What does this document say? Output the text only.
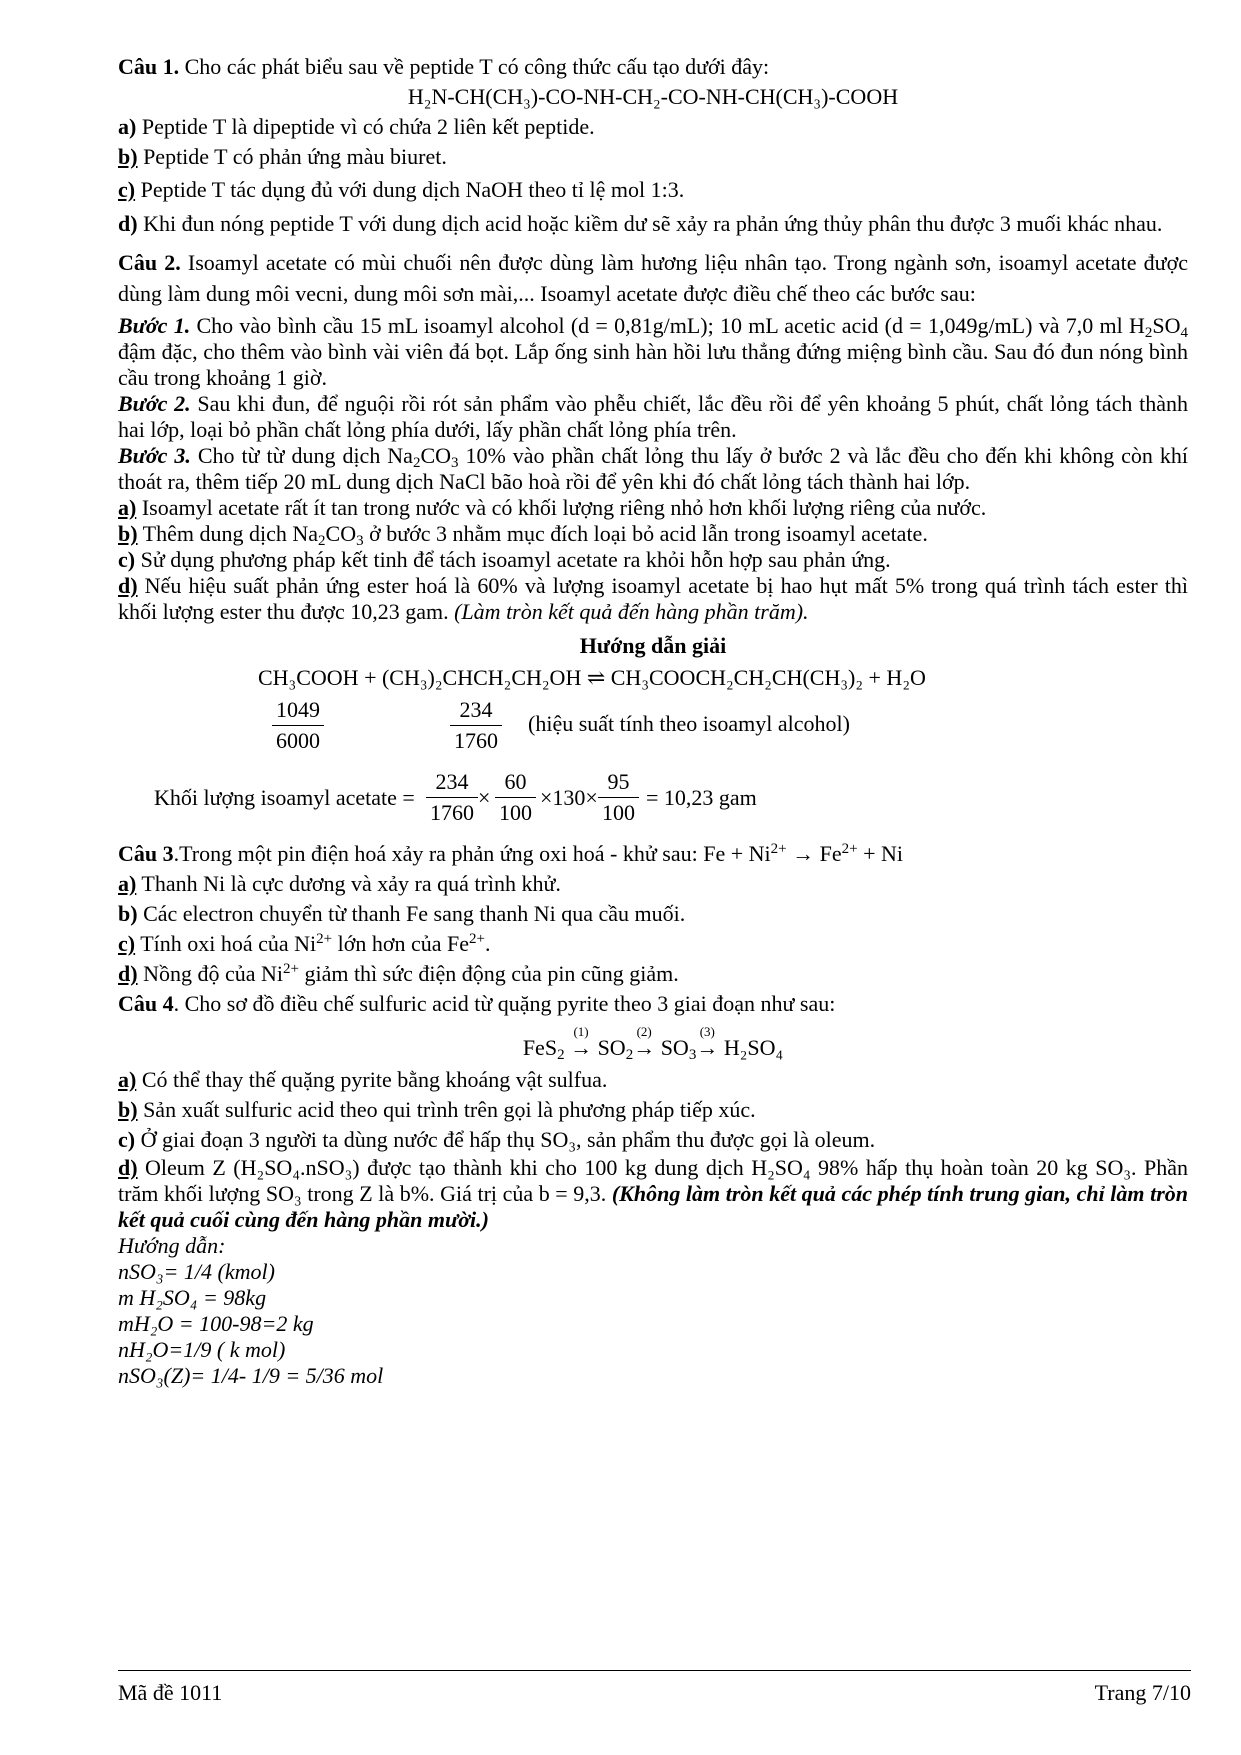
Câu 1. Cho các phát biểu sau về peptide T có công thức cấu tạo dưới đây:

H₂N-CH(CH₃)-CO-NH-CH₂-CO-NH-CH(CH₃)-COOH

a) Peptide T là dipeptide vì có chứa 2 liên kết peptide.

b) Peptide T có phản ứng màu biuret.

c) Peptide T tác dụng đủ với dung dịch NaOH theo tỉ lệ mol 1:3.

d) Khi đun nóng peptide T với dung dịch acid hoặc kiềm dư sẽ xảy ra phản ứng thủy phân thu được 3 muối khác nhau.

Câu 2. Isoamyl acetate có mùi chuối nên được dùng làm hương liệu nhân tạo. Trong ngành sơn, isoamyl acetate được dùng làm dung môi vecni, dung môi sơn mài,... Isoamyl acetate được điều chế theo các bước sau:

Bước 1. Cho vào bình cầu 15 mL isoamyl alcohol (d = 0,81g/mL); 10 mL acetic acid (d = 1,049g/mL) và 7,0 ml $H_2SO_4$ đậm đặc, cho thêm vào bình vài viên đá bọt. Lắp ống sinh hàn hồi lưu thẳng đứng miệng bình cầu. Sau đó đun nóng bình cầu trong khoảng 1 giờ.

Bước 2. Sau khi đun, để nguội rồi rót sản phẩm vào phễu chiết, lắc đều rồi để yên khoảng 5 phút, chất lỏng tách thành hai lớp, loại bỏ phần chất lỏng phía dưới, lấy phần chất lỏng phía trên.

Bước 3. Cho từ từ dung dịch $Na_2CO_3$ 10% vào phần chất lỏng thu lấy ở bước 2 và lắc đều cho đến khi không còn khí thoát ra, thêm tiếp 20 mL dung dịch NaCl bão hoà rồi để yên khi đó chất lỏng tách thành hai lớp.

a) Isoamyl acetate rất ít tan trong nước và có khối lượng riêng nhỏ hơn khối lượng riêng của nước.

b) Thêm dung dịch $Na_2CO_3$ ở bước 3 nhằm mục đích loại bỏ acid lẫn trong isoamyl acetate.

c) Sử dụng phương pháp kết tinh để tách isoamyl acetate ra khỏi hỗn hợp sau phản ứng.

d) Nếu hiệu suất phản ứng ester hoá là 60% và lượng isoamyl acetate bị hao hụt mất 5% trong quá trình tách ester thì khối lượng ester thu được 10,23 gam. (Làm tròn kết quả đến hàng phần trăm).

Hướng dẫn giải

CH₃COOH + (CH₃)₂CHCH₂CH₂OH ⇌ CH₃COOCH₂CH₂CH(CH₃)₂ + H₂O

$\frac{1049}{6000}$	$\frac{234}{1760}$ (hiệu suất tính theo isoamyl alcohol)
Khối lượng isoamyl acetate = $\frac{234}{1760} \times \frac{60}{100} \times 130\times \frac{95}{100} = 10,23$ gam

Câu 3.Trong một pin điện hoá xảy ra phản ứng oxi hoá - khử sau: $Fe + Ni^{2+} \to Fe^{2+} + Ni$

a) Thanh Ni là cực dương và xảy ra quá trình khử.

b) Các electron chuyển từ thanh Fe sang thanh Ni qua cầu muối.

c) Tính oxi hoá của $Ni^{2+}$ lớn hơn của $Fe^{2+}$.

d) Nồng độ của $Ni^{2+}$ giảm thì sức điện động của pin cũng giảm.

Câu 4. Cho sơ đồ điều chế sulfuric acid từ quặng pyrite theo 3 giai đoạn như sau:

FeS$_2$
(1)
→ $SO_2$
(2)
→ $SO_3$
(3)
→ H₂SO₄

a) Có thể thay thế quặng pyrite bằng khoáng vật sulfua.

b) Sản xuất sulfuric acid theo qui trình trên gọi là phương pháp tiếp xúc.

c) Ở giai đoạn 3 người ta dùng nước để hấp thụ SO₃, sản phẩm thu được gọi là oleum.

d) Oleum Z (H₂SO₄.nSO₃) được tạo thành khi cho 100 kg dung dịch H₂SO₄ 98% hấp thụ hoàn toàn 20 kg SO₃. Phần trăm khối lượng SO₃ trong Z là b%. Giá trị của b = 9,3. (Không làm tròn kết quả các phép tính trung gian, chỉ làm tròn kết quả cuối cùng đến hàng phần mười.)

Hướng dẫn:

nSO₃= 1/4 (kmol)

m H₂SO₄ = 98kg

mH₂O = 100-98=2 kg

nH₂O=1/9 ( k mol)

nSO₃(Z)= 1/4- 1/9 = 5/36 mol

Mã đề 1011	Trang 7/10
